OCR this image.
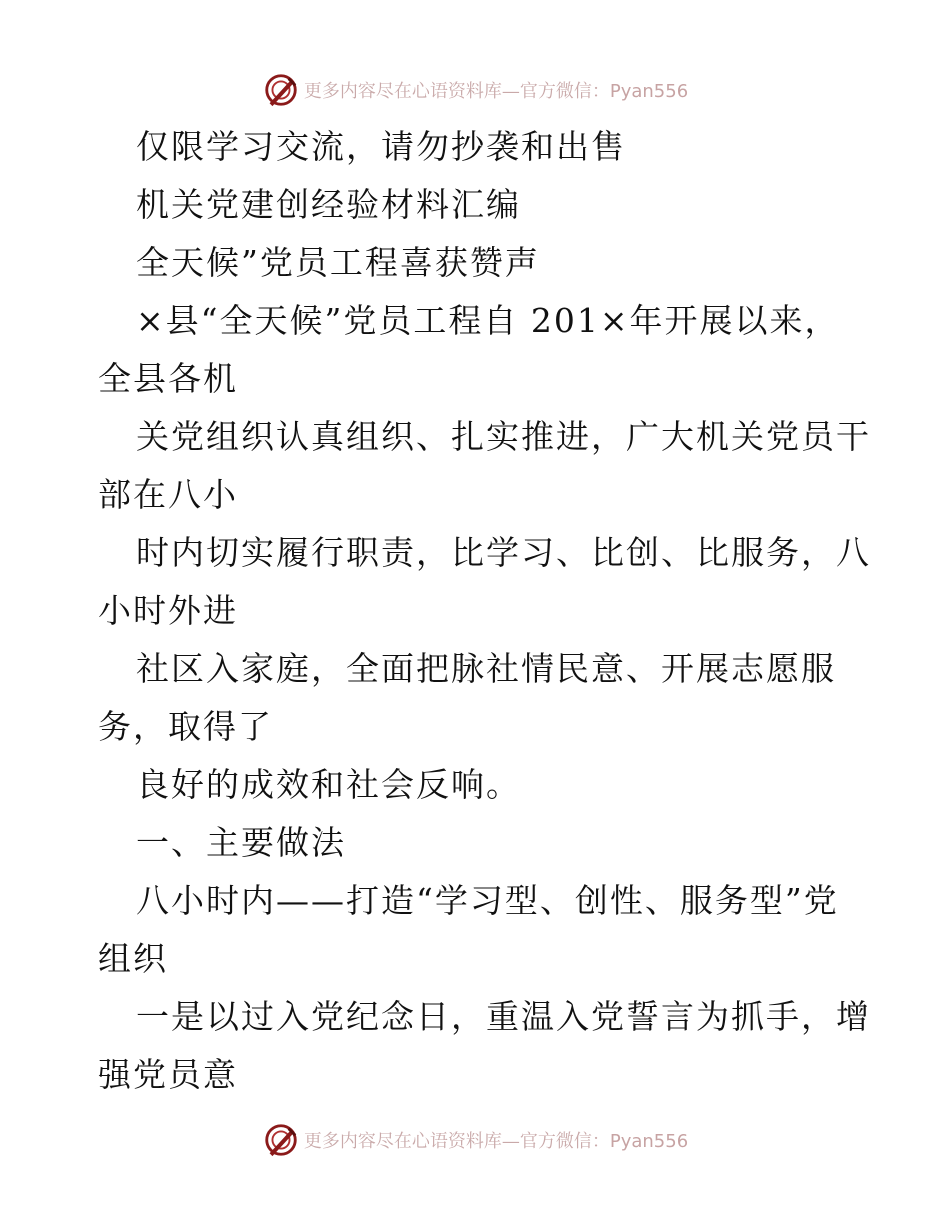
更多内容尽在心语资料库—官方微信：Pyan556
仅限学习交流，请勿抄袭和出售
机关党建创经验材料汇编
全天候”党员工程喜获赞声
×县“全天候”党员工程自 201×年开展以来，
全县各机
关党组织认真组织、扎实推进，广大机关党员干
部在八小
时内切实履行职责，比学习、比创、比服务，八
小时外进
社区入家庭，全面把脉社情民意、开展志愿服
务，取得了
良好的成效和社会反响。
一、主要做法
八小时内——打造“学习型、创性、服务型”党
组织
一是以过入党纪念日，重温入党誓言为抓手，增
强党员意
更多内容尽在心语资料库—官方微信：Pyan556
